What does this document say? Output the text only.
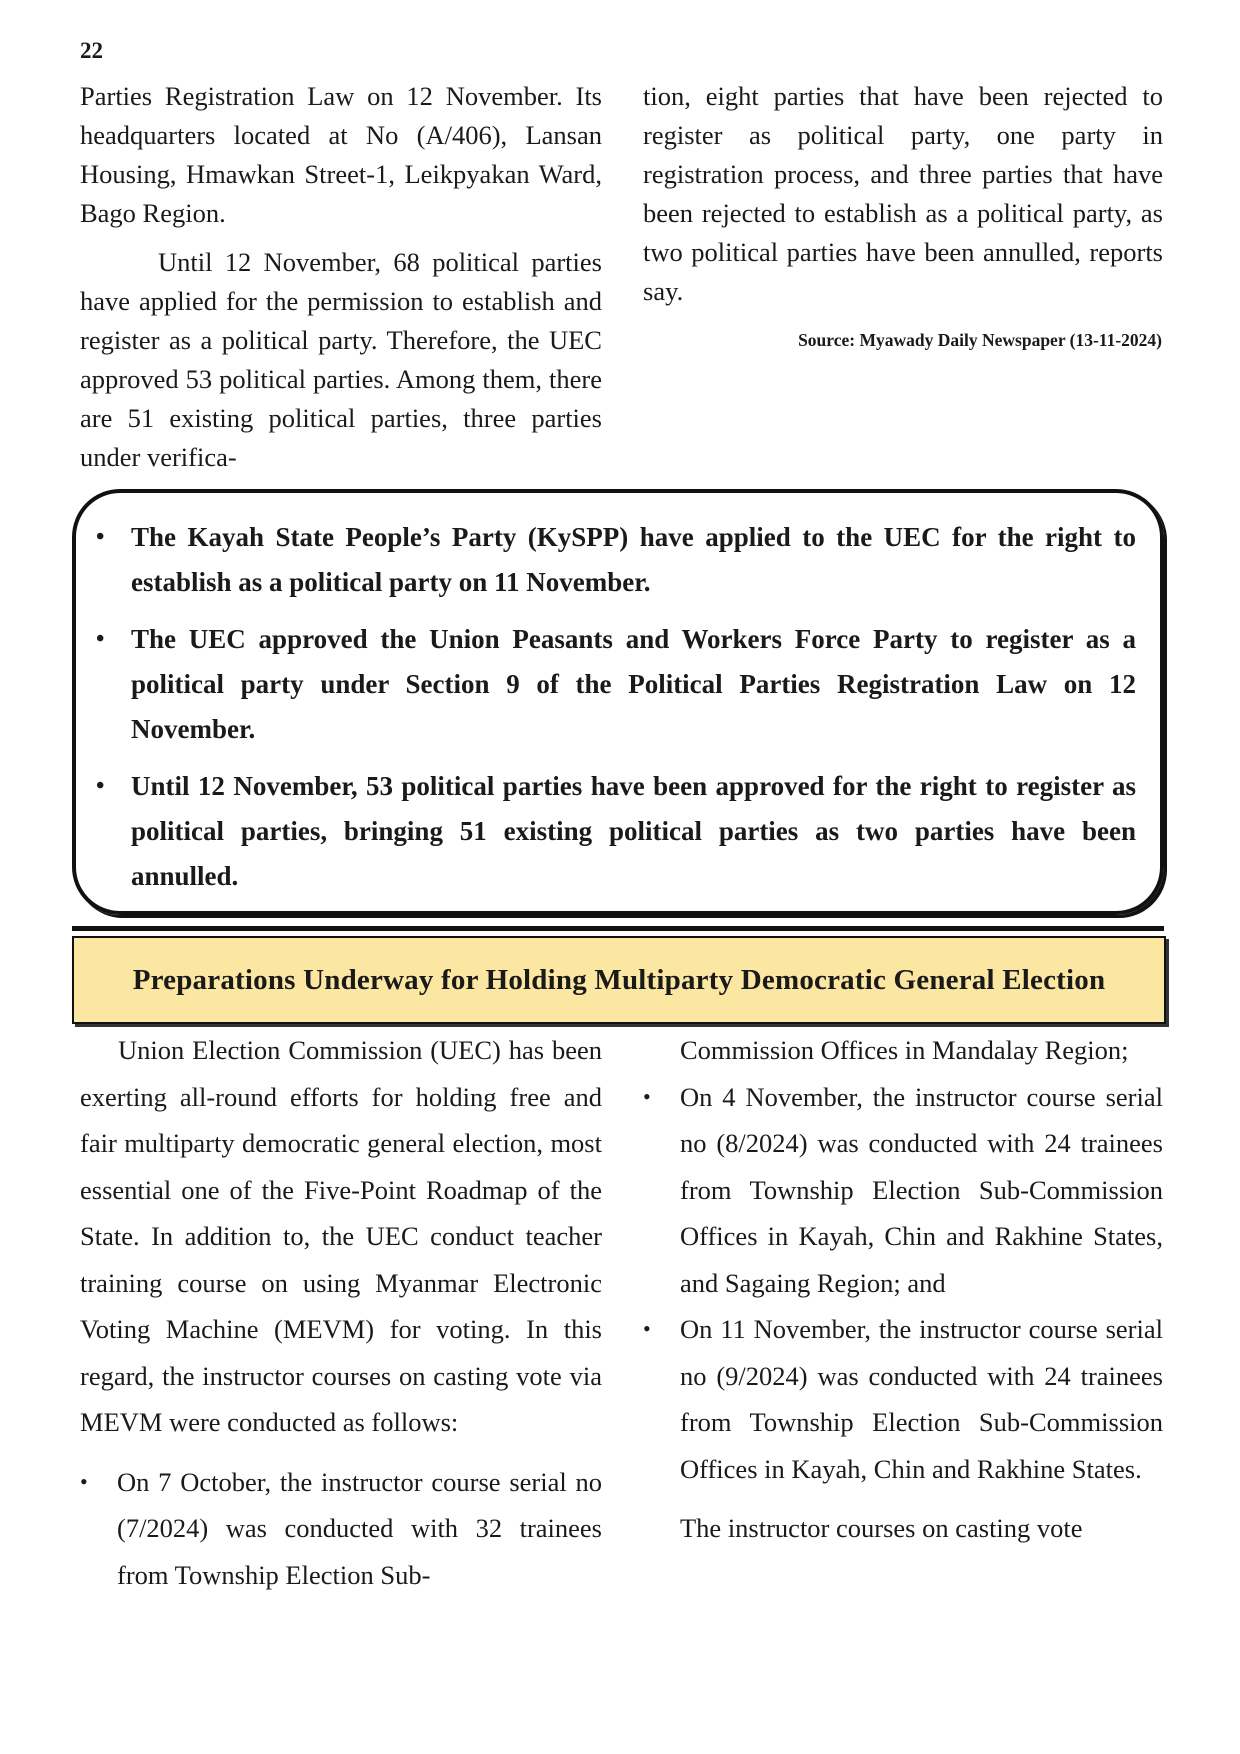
22

Parties Registration Law on 12 November. Its headquarters located at No (A/406), Lansan Housing, Hmawkan Street-1, Leikpyakan Ward, Bago Region.

Until 12 November, 68 political parties have applied for the permission to establish and register as a political party. Therefore, the UEC approved 53 political parties. Among them, there are 51 existing political parties, three parties under verifica-

tion, eight parties that have been rejected to register as political party, one party in registration process, and three parties that have been rejected to establish as a political party, as two political parties have been annulled, reports say.

Source: Myawady Daily Newspaper (13-11-2024)
• The Kayah State People’s Party (KySPP) have applied to the UEC for the right to establish as a political party on 11 November.
• The UEC approved the Union Peasants and Workers Force Party to register as a political party under Section 9 of the Political Parties Registration Law on 12 November.
• Until 12 November, 53 political parties have been approved for the right to register as political parties, bringing 51 existing political parties as two parties have been annulled.
Preparations Underway for Holding Multiparty Democratic General Election

Union Election Commission (UEC) has been exerting all-round efforts for holding free and fair multiparty democratic general election, most essential one of the Five-Point Roadmap of the State. In addition to, the UEC conduct teacher training course on using Myanmar Electronic Voting Machine (MEVM) for voting. In this regard, the instructor courses on casting vote via MEVM were conducted as follows:

• On 7 October, the instructor course serial no (7/2024) was conducted with 32 trainees from Township Election Sub-

Commission Offices in Mandalay Region;

• On 4 November, the instructor course serial no (8/2024) was conducted with 24 trainees from Township Election Sub-Commission Offices in Kayah, Chin and Rakhine States, and Sagaing Region; and
• On 11 November, the instructor course serial no (9/2024) was conducted with 24 trainees from Township Election Sub-Commission Offices in Kayah, Chin and Rakhine States.

The instructor courses on casting vote
